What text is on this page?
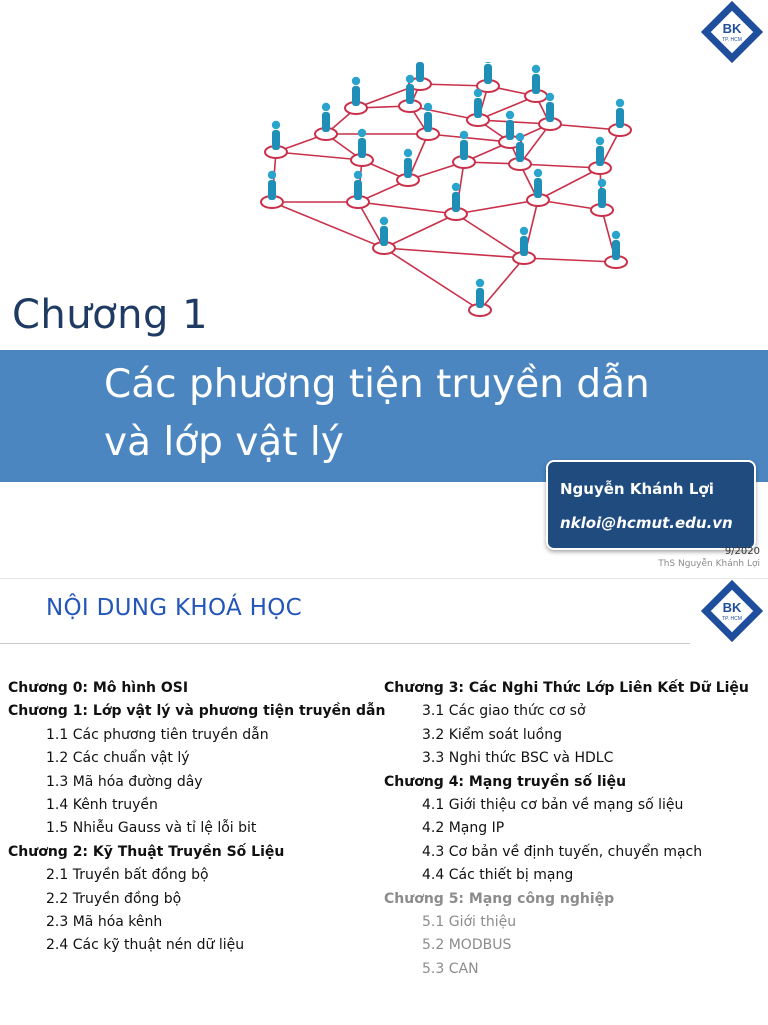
BK
TP. HCM
Chương 1
Các phương tiện truyền dẫn
và lớp vật lý
Nguyễn Khánh Lợi
nkloi@hcmut.edu.vn
9/2020
ThS Nguyễn Khánh Lợi
NỘI DUNG KHOÁ HỌC	BK
TP. HCM
Chương 0: Mô hình OSI
Chương 1: Lớp vật lý và phương tiện truyền dẫn
1.1 Các phương tiên truyền dẫn
1.2 Các chuẩn vật lý
1.3 Mã hóa đường dây
1.4 Kênh truyền
1.5 Nhiễu Gauss và tỉ lệ lỗi bit
Chương 2: Kỹ Thuật Truyền Số Liệu
2.1 Truyền bất đồng bộ
2.2 Truyền đồng bộ
2.3 Mã hóa kênh
2.4 Các kỹ thuật nén dữ liệu
Chương 3: Các Nghi Thức Lớp Liên Kết Dữ Liệu
3.1 Các giao thức cơ sở
3.2 Kiểm soát luồng
3.3 Nghi thức BSC và HDLC
Chương 4: Mạng truyền số liệu
4.1 Giới thiệu cơ bản về mạng số liệu
4.2 Mạng IP
4.3 Cơ bản về định tuyến, chuyển mạch
4.4 Các thiết bị mạng
Chương 5: Mạng công nghiệp
5.1 Giới thiệu
5.2 MODBUS
5.3 CAN
